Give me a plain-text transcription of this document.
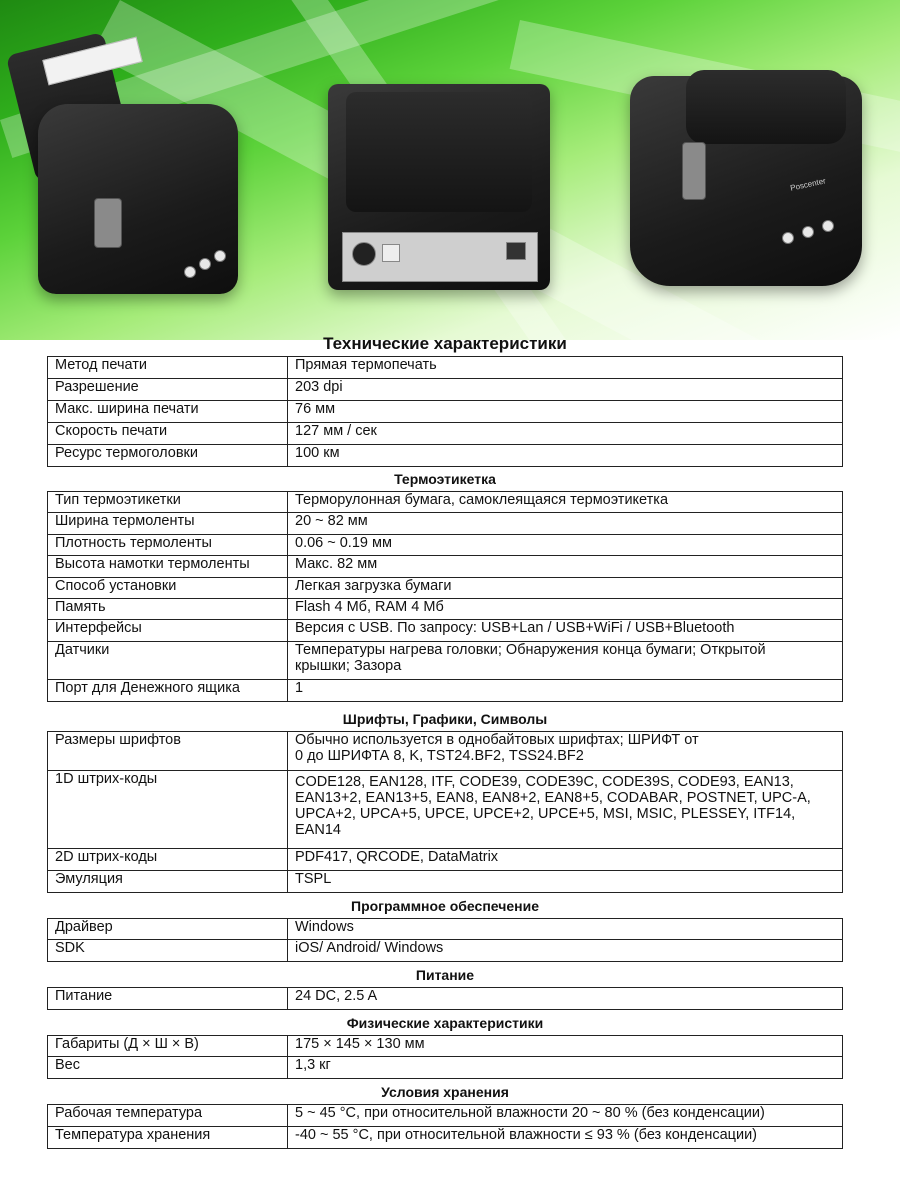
Poscenter
Технические характеристики
Метод печати	Прямая термопечать
Разрешение	203 dpi
Макс. ширина печати	76 мм
Скорость печати	127 мм / сек
Ресурс термоголовки	100 км
Термоэтикетка
Тип термоэтикетки	Терморулонная бумага, самоклеящаяся термоэтикетка
Ширина термоленты	20 ~ 82 мм
Плотность термоленты	0.06 ~ 0.19 мм
Высота намотки термоленты	Макс. 82 мм
Способ установки	Легкая загрузка бумаги
Память	Flash 4 Мб, RAM 4 Мб
Интерфейсы	Версия с USB. По запросу: USB+Lan / USB+WiFi / USB+Bluetooth
Датчики	Температуры нагрева головки; Обнаружения конца бумаги; Открытой крышки; Зазора
Порт для Денежного ящика	1
Шрифты, Графики, Символы
Размеры шрифтов	Обычно используется в однобайтовых шрифтах; ШРИФТ от 0 до ШРИФТА 8, K, TST24.BF2, TSS24.BF2
1D штрих-коды	CODE128, EAN128, ITF, CODE39, CODE39C, CODE39S, CODE93, EAN13, EAN13+2, EAN13+5, EAN8, EAN8+2, EAN8+5, CODABAR, POSTNET, UPC-A, UPCA+2, UPCA+5, UPCE, UPCE+2, UPCE+5, MSI, MSIC, PLESSEY, ITF14, EAN14
2D штрих-коды	PDF417, QRCODE, DataMatrix
Эмуляция	TSPL
Программное обеспечение
Драйвер	Windows
SDK	iOS/ Android/ Windows
Питание
Питание	24 DC, 2.5 A
Физические характеристики
Габариты (Д × Ш × В)	175 × 145 × 130 мм
Вес	1,3 кг
Условия хранения
Рабочая температура	5 ~ 45 °C, при относительной влажности 20 ~ 80 % (без конденсации)
Температура хранения	-40 ~ 55 °C, при относительной влажности ≤ 93 % (без конденсации)
